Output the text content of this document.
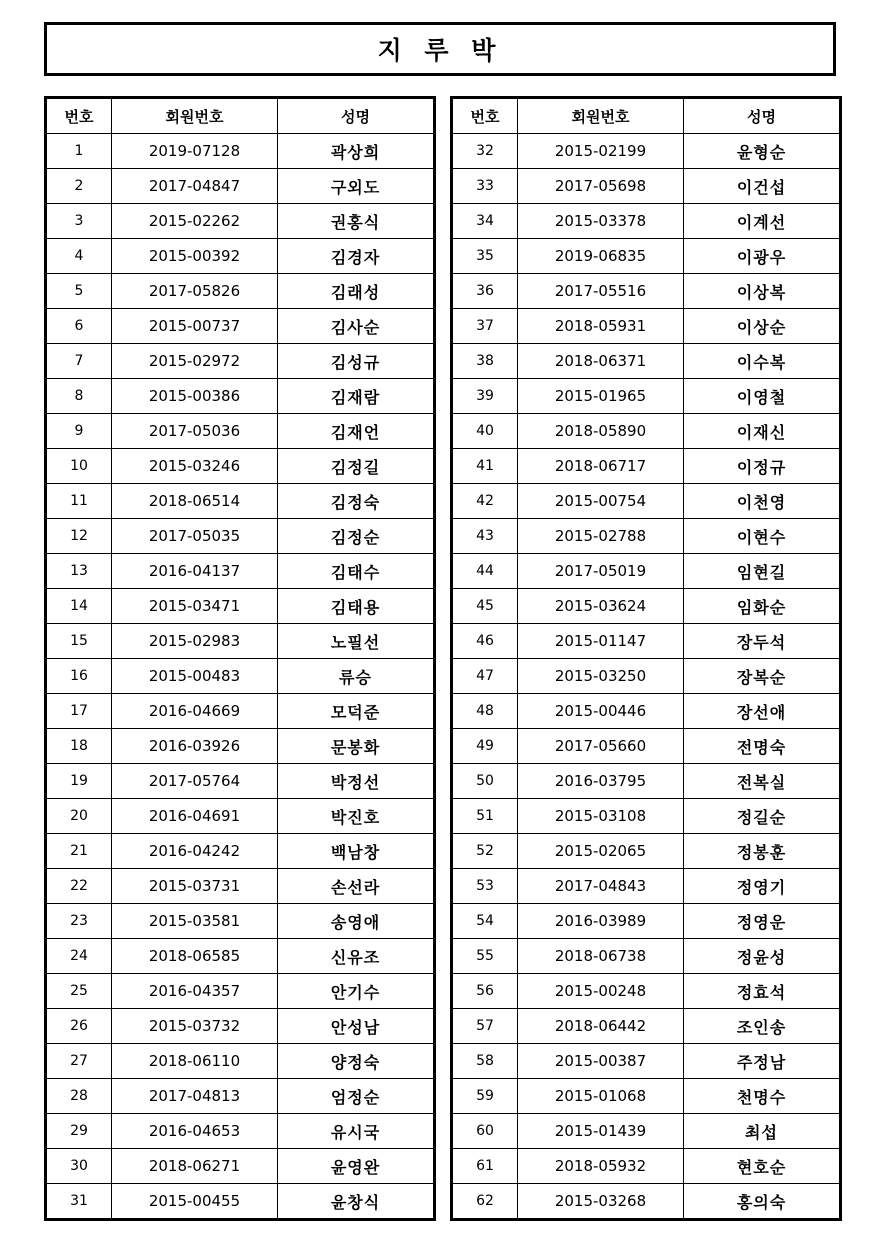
지 루 박
번호	회원번호	성명
1	2019-07128	곽상희
2	2017-04847	구외도
3	2015-02262	권홍식
4	2015-00392	김경자
5	2017-05826	김래성
6	2015-00737	김사순
7	2015-02972	김성규
8	2015-00386	김재람
9	2017-05036	김재언
10	2015-03246	김정길
11	2018-06514	김정숙
12	2017-05035	김정순
13	2016-04137	김태수
14	2015-03471	김태용
15	2015-02983	노필선
16	2015-00483	류승
17	2016-04669	모덕준
18	2016-03926	문봉화
19	2017-05764	박정선
20	2016-04691	박진호
21	2016-04242	백남창
22	2015-03731	손선라
23	2015-03581	송영애
24	2018-06585	신유조
25	2016-04357	안기수
26	2015-03732	안성남
27	2018-06110	양정숙
28	2017-04813	엄정순
29	2016-04653	유시국
30	2018-06271	윤영완
31	2015-00455	윤창식
번호	회원번호	성명
32	2015-02199	윤형순
33	2017-05698	이건섭
34	2015-03378	이계선
35	2019-06835	이광우
36	2017-05516	이상복
37	2018-05931	이상순
38	2018-06371	이수복
39	2015-01965	이영철
40	2018-05890	이재신
41	2018-06717	이정규
42	2015-00754	이천영
43	2015-02788	이현수
44	2017-05019	임현길
45	2015-03624	임화순
46	2015-01147	장두석
47	2015-03250	장복순
48	2015-00446	장선애
49	2017-05660	전명숙
50	2016-03795	전복실
51	2015-03108	정길순
52	2015-02065	정봉훈
53	2017-04843	정영기
54	2016-03989	정영운
55	2018-06738	정윤성
56	2015-00248	정효석
57	2018-06442	조인송
58	2015-00387	주정남
59	2015-01068	천명수
60	2015-01439	최섭
61	2018-05932	현호순
62	2015-03268	홍의숙
